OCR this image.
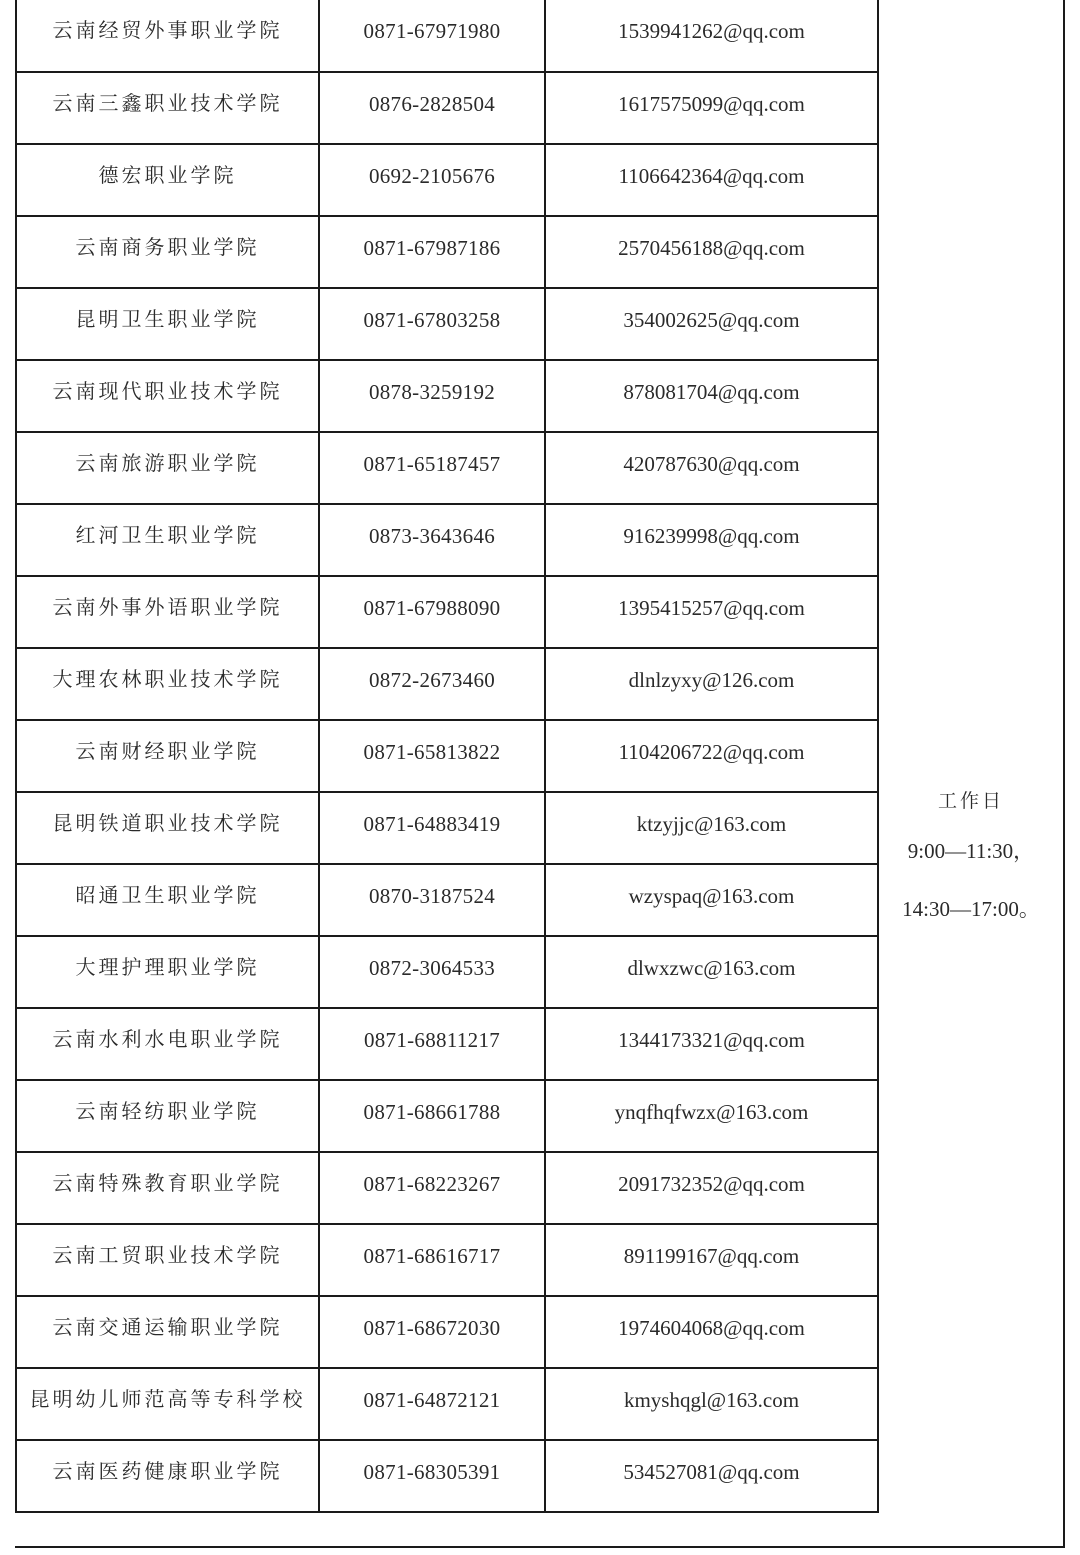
云南经贸外事职业学院	0871-67971980	1539941262@qq.com
云南三鑫职业技术学院	0876-2828504	1617575099@qq.com
德宏职业学院	0692-2105676	1106642364@qq.com
云南商务职业学院	0871-67987186	2570456188@qq.com
昆明卫生职业学院	0871-67803258	354002625@qq.com
云南现代职业技术学院	0878-3259192	878081704@qq.com
云南旅游职业学院	0871-65187457	420787630@qq.com
红河卫生职业学院	0873-3643646	916239998@qq.com
云南外事外语职业学院	0871-67988090	1395415257@qq.com
大理农林职业技术学院	0872-2673460	dlnlzyxy@126.com
云南财经职业学院	0871-65813822	1104206722@qq.com
昆明铁道职业技术学院	0871-64883419	ktzyjjc@163.com
昭通卫生职业学院	0870-3187524	wzyspaq@163.com
大理护理职业学院	0872-3064533	dlwxzwc@163.com
云南水利水电职业学院	0871-68811217	1344173321@qq.com
云南轻纺职业学院	0871-68661788	ynqfhqfwzx@163.com
云南特殊教育职业学院	0871-68223267	2091732352@qq.com
云南工贸职业技术学院	0871-68616717	891199167@qq.com
云南交通运输职业学院	0871-68672030	1974604068@qq.com
昆明幼儿师范高等专科学校	0871-64872121	kmyshqgl@163.com
云南医药健康职业学院	0871-68305391	534527081@qq.com
工作日
9:00—11:30，
14:30—17:00。
